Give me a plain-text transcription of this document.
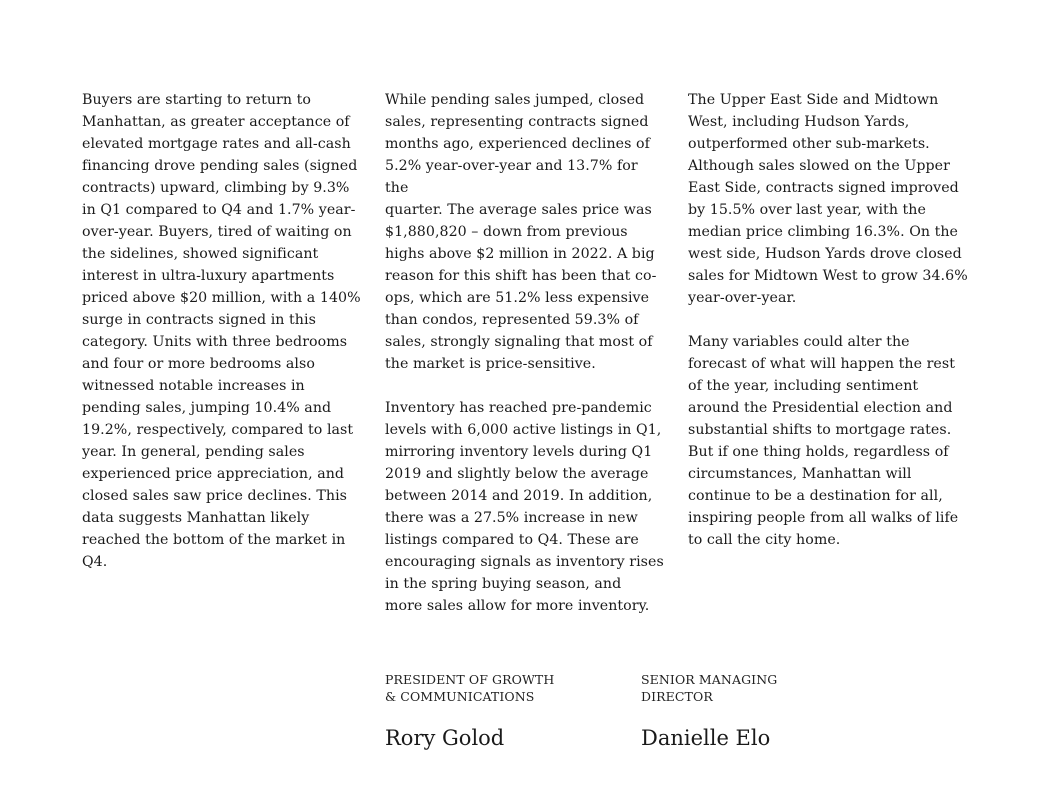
Buyers are starting to return to
Manhattan, as greater acceptance of
elevated mortgage rates and all-cash
financing drove pending sales (signed
contracts) upward, climbing by 9.3%
in Q1 compared to Q4 and 1.7% year-
over-year. Buyers, tired of waiting on
the sidelines, showed significant
interest in ultra-luxury apartments
priced above $20 million, with a 140%
surge in contracts signed in this
category. Units with three bedrooms
and four or more bedrooms also
witnessed notable increases in
pending sales, jumping 10.4% and
19.2%, respectively, compared to last
year. In general, pending sales
experienced price appreciation, and
closed sales saw price declines. This
data suggests Manhattan likely
reached the bottom of the market in
Q4.

While pending sales jumped, closed
sales, representing contracts signed
months ago, experienced declines of
5.2% year-over-year and 13.7% for the
quarter. The average sales price was
$1,880,820 – down from previous
highs above $2 million in 2022. A big
reason for this shift has been that co-
ops, which are 51.2% less expensive
than condos, represented 59.3% of
sales, strongly signaling that most of
the market is price-sensitive.

Inventory has reached pre-pandemic
levels with 6,000 active listings in Q1,
mirroring inventory levels during Q1
2019 and slightly below the average
between 2014 and 2019. In addition,
there was a 27.5% increase in new
listings compared to Q4. These are
encouraging signals as inventory rises
in the spring buying season, and
more sales allow for more inventory.

The Upper East Side and Midtown
West, including Hudson Yards,
outperformed other sub-markets.
Although sales slowed on the Upper
East Side, contracts signed improved
by 15.5% over last year, with the
median price climbing 16.3%. On the
west side, Hudson Yards drove closed
sales for Midtown West to grow 34.6%
year-over-year.

Many variables could alter the
forecast of what will happen the rest
of the year, including sentiment
around the Presidential election and
substantial shifts to mortgage rates.
But if one thing holds, regardless of
circumstances, Manhattan will
continue to be a destination for all,
inspiring people from all walks of life
to call the city home.

PRESIDENT OF GROWTH
& COMMUNICATIONS
Rory Golod
SENIOR MANAGING
DIRECTOR
Danielle Elo
